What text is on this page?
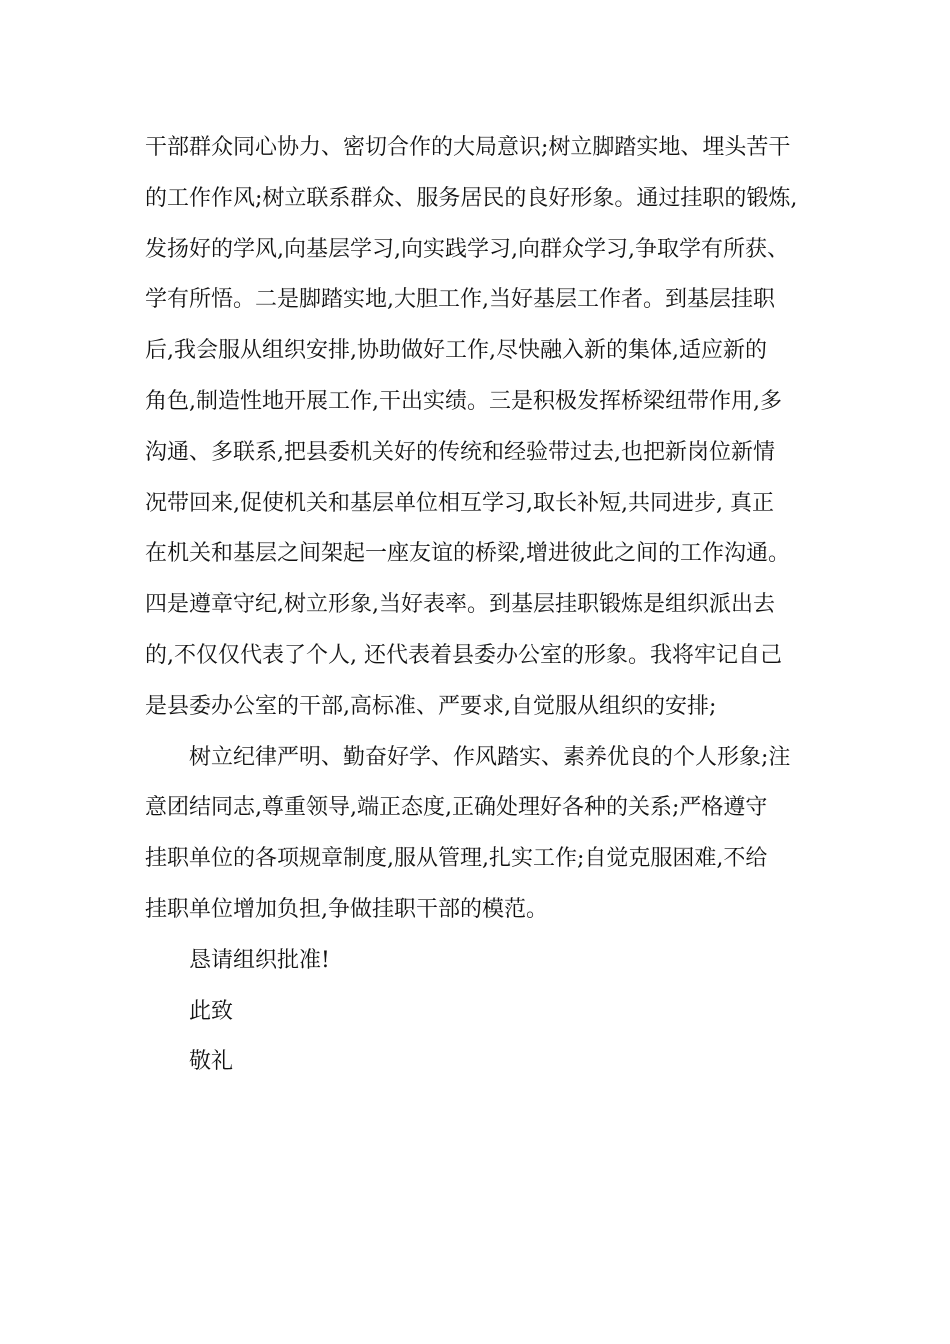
干部群众同心协力、密切合作的大局意识;树立脚踏实地、埋头苦干
的工作作风;树立联系群众、服务居民的良好形象。通过挂职的锻炼,
发扬好的学风,向基层学习,向实践学习,向群众学习,争取学有所获、
学有所悟。二是脚踏实地,大胆工作,当好基层工作者。到基层挂职
后,我会服从组织安排,协助做好工作,尽快融入新的集体,适应新的
角色,制造性地开展工作,干出实绩。三是积极发挥桥梁纽带作用,多
沟通、多联系,把县委机关好的传统和经验带过去,也把新岗位新情
况带回来,促使机关和基层单位相互学习,取长补短,共同进步, 真正
在机关和基层之间架起一座友谊的桥梁,增进彼此之间的工作沟通。
四是遵章守纪,树立形象,当好表率。到基层挂职锻炼是组织派出去
的,不仅仅代表了个人, 还代表着县委办公室的形象。我将牢记自己
是县委办公室的干部,高标准、严要求,自觉服从组织的安排;
树立纪律严明、勤奋好学、作风踏实、素养优良的个人形象;注
意团结同志,尊重领导,端正态度,正确处理好各种的关系;严格遵守
挂职单位的各项规章制度,服从管理,扎实工作;自觉克服困难,不给
挂职单位增加负担,争做挂职干部的模范。
恳请组织批准!
此致
敬礼
